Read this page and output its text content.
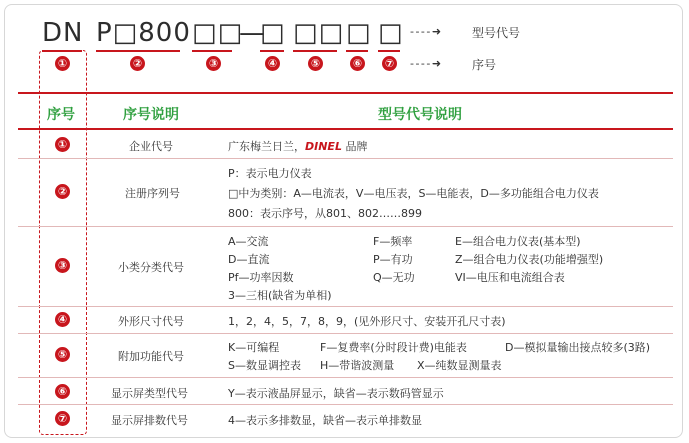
DN P□800 □□
—
□ □□ □ □ - - - - ➜	型号代号
- - - - ➜	序号
①	②	③	④	⑤	⑥ ⑦
序号	序号说明	型号代号说明
①	企业代号	广东梅兰日兰，DINEL 品牌
②	注册序列号
P：表示电力仪表
□中为类别：A—电流表，V—电压表，S—电能表，D—多功能组合电力仪表
800：表示序号，从801、802……899
③	小类分类代号
A—交流	F—频率	E—组合电力仪表(基本型)
D—直流	P—有功	Z—组合电力仪表(功能增强型)
Pf—功率因数	Q—无功	VI—电压和电流组合表
3—三相(缺省为单相)
④	外形尺寸代号	1，2，4，5，7，8，9，(见外形尺寸、安装开孔尺寸表)
⑤	附加功能代号
K—可编程	F—复费率(分时段计费)电能表	D—模拟量输出接点较多(3路)
S—数显调控表 H—带谐波测量 X—纯数显测量表
⑥	显示屏类型代号	Y—表示液晶屏显示，缺省—表示数码管显示
⑦	显示屏排数代号	4—表示多排数显，缺省—表示单排数显
